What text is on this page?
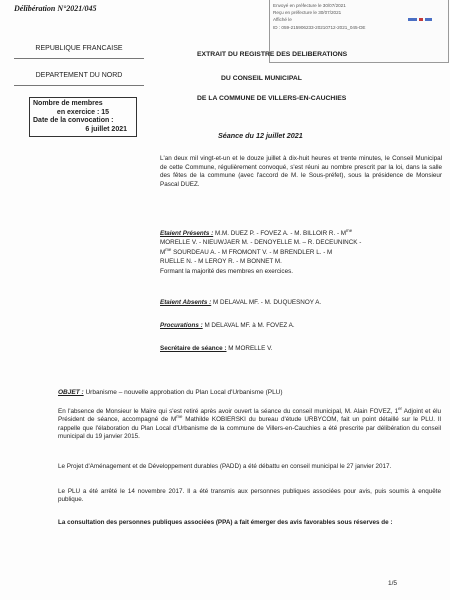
Délibération N°2021/045	Envoyé en préfecture le 30/07/2021
Reçu en préfecture le 30/07/2021
Affiché le
ID : 059-215906233-20210712-2021_045-DE
REPUBLIQUE FRANCAISE
DEPARTEMENT DU NORD
Nombre de membres
en exercice : 15
Date de la convocation :
6 juillet 2021
EXTRAIT DU REGISTRE DES DELIBERATIONS
DU CONSEIL MUNICIPAL
DE LA COMMUNE DE VILLERS-EN-CAUCHIES
Séance du 12 juillet 2021
L'an deux mil vingt-et-un et le douze juillet à dix-huit heures et trente minutes, le Conseil Municipal de cette Commune, régulièrement convoqué, s'est réuni au nombre prescrit par la loi, dans la salle des fêtes de la commune (avec l'accord de M. le Sous-préfet), sous la présidence de Monsieur Pascal DUEZ.
Etaient Présents : M.M. DUEZ P. - FOVEZ A. - M. BILLOIR R. - $M^{me}$
MORELLE V. - NIEUWJAER M. - DENOYELLE M. – R. DECEUNINCK -
$M^{me}$ SOURDEAU A. - M FROMONT V. - M BRENDLER L. - M
RUELLE N. - M LEROY R. - M BONNET M.
Formant la majorité des membres en exercices.
Etaient Absents : M DELAVAL MF. - M. DUQUESNOY A.
Procurations : M DELAVAL MF. à M. FOVEZ A.
Secrétaire de séance : M MORELLE V.
OBJET : Urbanisme – nouvelle approbation du Plan Local d'Urbanisme (PLU)
En l'absence de Monsieur le Maire qui s'est retiré après avoir ouvert la séance du conseil municipal, M. Alain FOVEZ, 1er Adjoint et élu Président de séance, accompagné de $M^{me}$ Mathilde KOBIERSKI du bureau d'étude URBYCOM, fait un point détaillé sur le PLU. Il rappelle que l'élaboration du Plan Local d'Urbanisme de la commune de Villers-en-Cauchies a été prescrite par délibération du conseil municipal du 19 janvier 2015.
Le Projet d'Aménagement et de Développement durables (PADD) a été débattu en conseil municipal le 27 janvier 2017.
Le PLU a été arrêté le 14 novembre 2017. Il a été transmis aux personnes publiques associées pour avis, puis soumis à enquête publique.
La consultation des personnes publiques associées (PPA) a fait émerger des avis favorables sous réserves de :
1/5
